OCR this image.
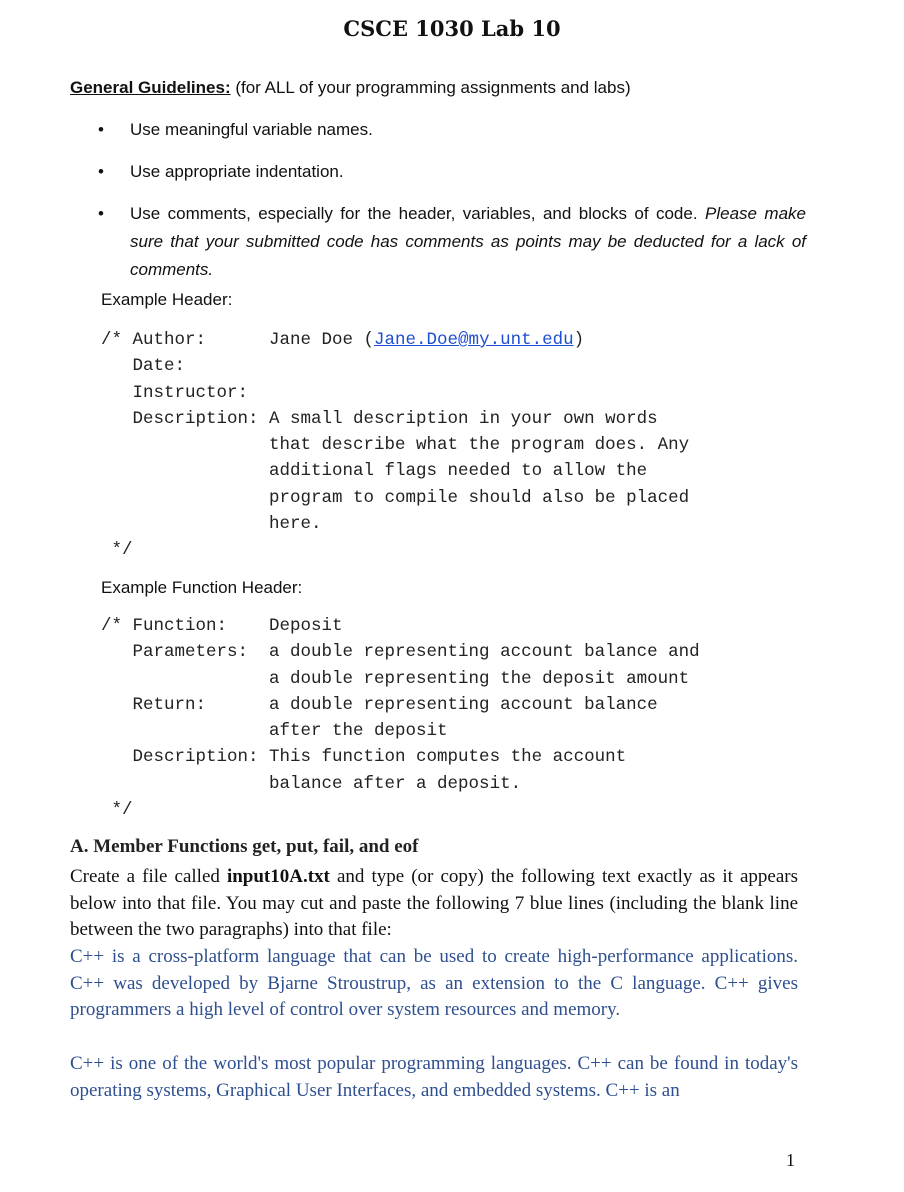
CSCE 1030 Lab 10
General Guidelines: (for ALL of your programming assignments and labs)
• Use meaningful variable names.
• Use appropriate indentation.
• Use comments, especially for the header, variables, and blocks of code. Please make sure that your submitted code has comments as points may be deducted for a lack of comments.
Example Header:
/* Author:      Jane Doe (Jane.Doe@my.unt.edu)
Date:
Instructor:
Description: A small description in your own words
that describe what the program does. Any
additional flags needed to allow the
program to compile should also be placed
here.
*/
Example Function Header:
/* Function:    Deposit
Parameters:  a double representing account balance and
a double representing the deposit amount
Return:      a double representing account balance
after the deposit
Description: This function computes the account
balance after a deposit.
*/
A. Member Functions get, put, fail, and eof

Create a file called input10A.txt and type (or copy) the following text exactly as it appears below into that file. You may cut and paste the following 7 blue lines (including the blank line between the two paragraphs) into that file:

C++ is a cross-platform language that can be used to create high-performance applications. C++ was developed by Bjarne Stroustrup, as an extension to the C language. C++ gives programmers a high level of control over system resources and memory.

C++ is one of the world's most popular programming languages. C++ can be found in today's operating systems, Graphical User Interfaces, and embedded systems. C++ is an

1
